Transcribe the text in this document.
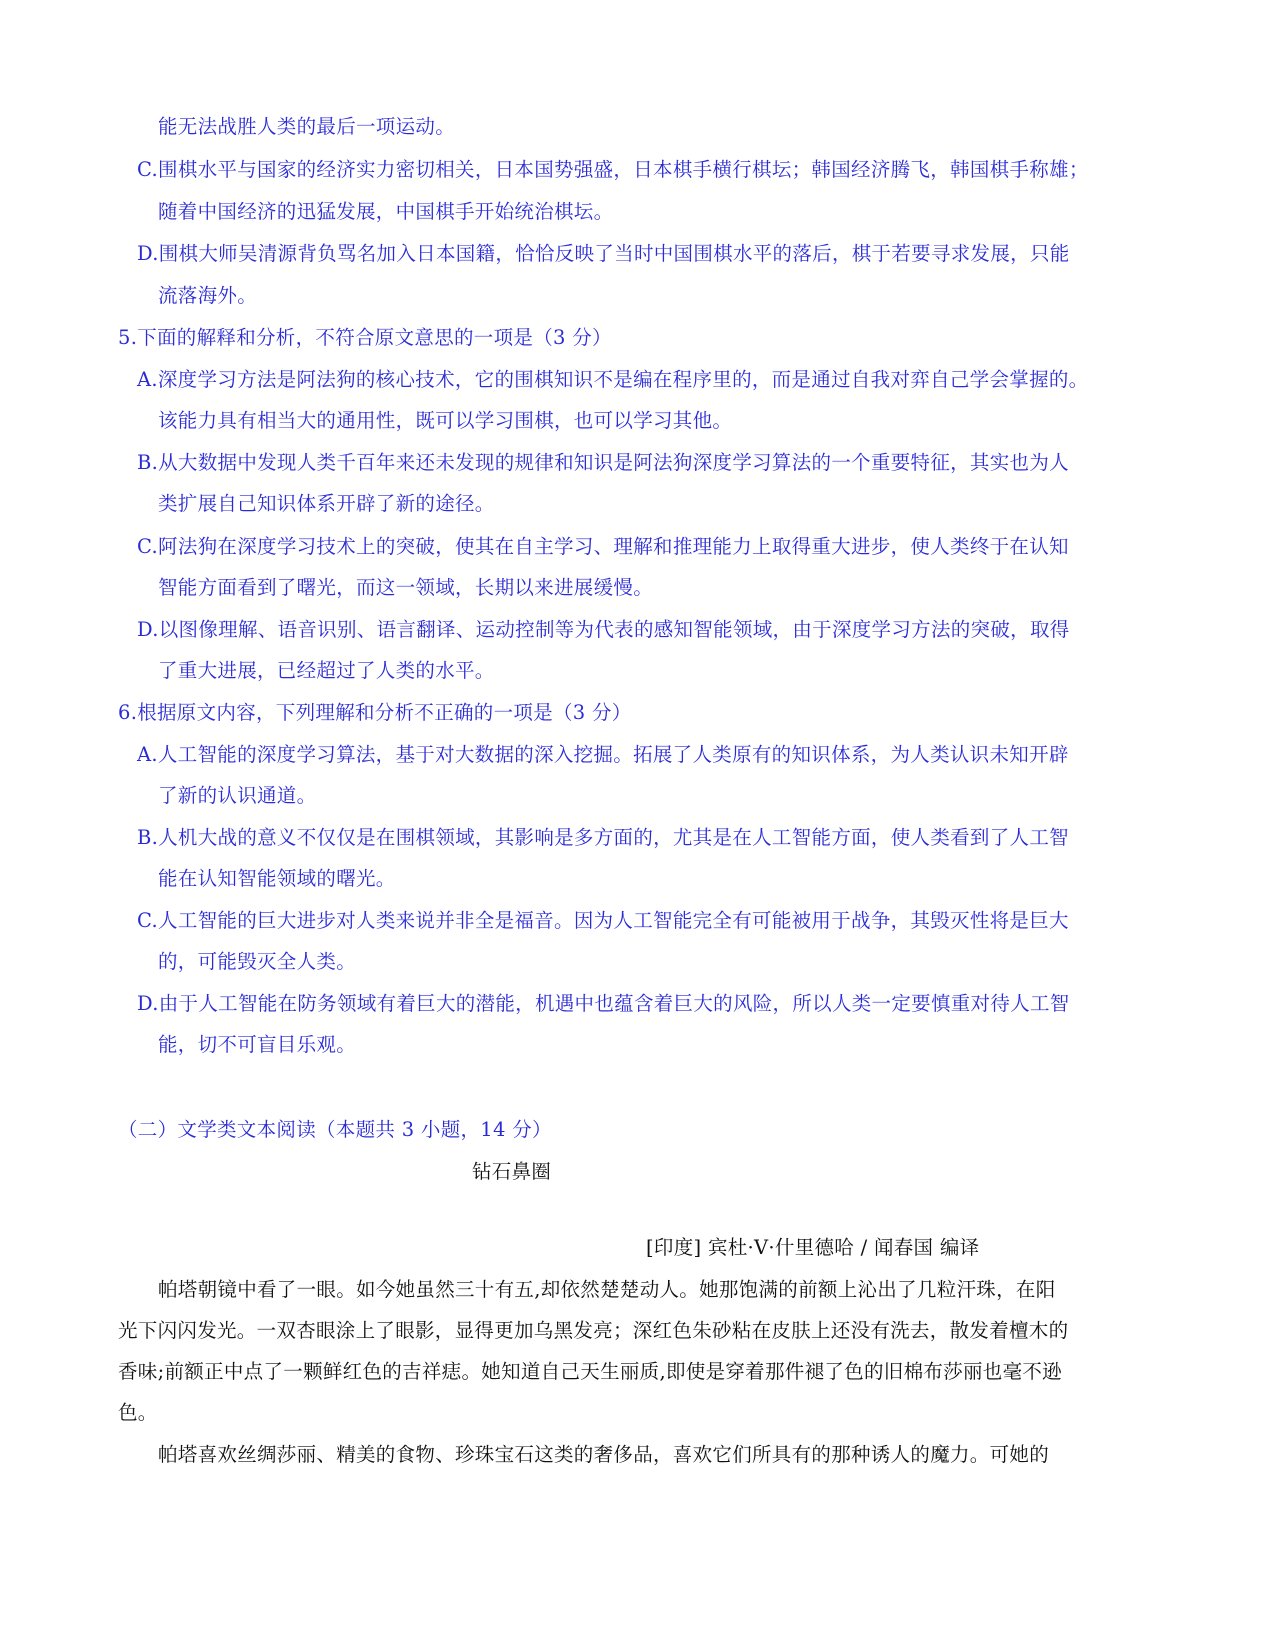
能无法战胜人类的最后一项运动。
C.围棋水平与国家的经济实力密切相关，日本国势强盛，日本棋手横行棋坛；韩国经济腾飞，韩国棋手称雄；
随着中国经济的迅猛发展，中国棋手开始统治棋坛。
D.围棋大师吴清源背负骂名加入日本国籍，恰恰反映了当时中国围棋水平的落后，棋于若要寻求发展，只能
流落海外。
5.下面的解释和分析，不符合原文意思的一项是（3 分）
A.深度学习方法是阿法狗的核心技术，它的围棋知识不是编在程序里的，而是通过自我对弈自己学会掌握的。
该能力具有相当大的通用性，既可以学习围棋，也可以学习其他。
B.从大数据中发现人类千百年来还未发现的规律和知识是阿法狗深度学习算法的一个重要特征，其实也为人
类扩展自己知识体系开辟了新的途径。
C.阿法狗在深度学习技术上的突破，使其在自主学习、理解和推理能力上取得重大进步，使人类终于在认知
智能方面看到了曙光，而这一领域，长期以来进展缓慢。
D.以图像理解、语音识别、语言翻译、运动控制等为代表的感知智能领域，由于深度学习方法的突破，取得
了重大进展，已经超过了人类的水平。
6.根据原文内容，下列理解和分析不正确的一项是（3 分）
A.人工智能的深度学习算法，基于对大数据的深入挖掘。拓展了人类原有的知识体系，为人类认识未知开辟
了新的认识通道。
B.人机大战的意义不仅仅是在围棋领域，其影响是多方面的，尤其是在人工智能方面，使人类看到了人工智
能在认知智能领域的曙光。
C.人工智能的巨大进步对人类来说并非全是福音。因为人工智能完全有可能被用于战争，其毁灭性将是巨大
的，可能毁灭全人类。
D.由于人工智能在防务领域有着巨大的潜能，机遇中也蕴含着巨大的风险，所以人类一定要慎重对待人工智
能，切不可盲目乐观。
（二）文学类文本阅读（本题共 3 小题，14 分）
钻石鼻圈
[印度] 宾杜·V·什里德哈 / 闻春国 编译
帕塔朝镜中看了一眼。如今她虽然三十有五,却依然楚楚动人。她那饱满的前额上沁出了几粒汗珠，在阳
光下闪闪发光。一双杏眼涂上了眼影，显得更加乌黑发亮；深红色朱砂粘在皮肤上还没有洗去，散发着檀木的
香味;前额正中点了一颗鲜红色的吉祥痣。她知道自己天生丽质,即使是穿着那件褪了色的旧棉布莎丽也毫不逊
色。
帕塔喜欢丝绸莎丽、精美的食物、珍珠宝石这类的奢侈品，喜欢它们所具有的那种诱人的魔力。可她的
